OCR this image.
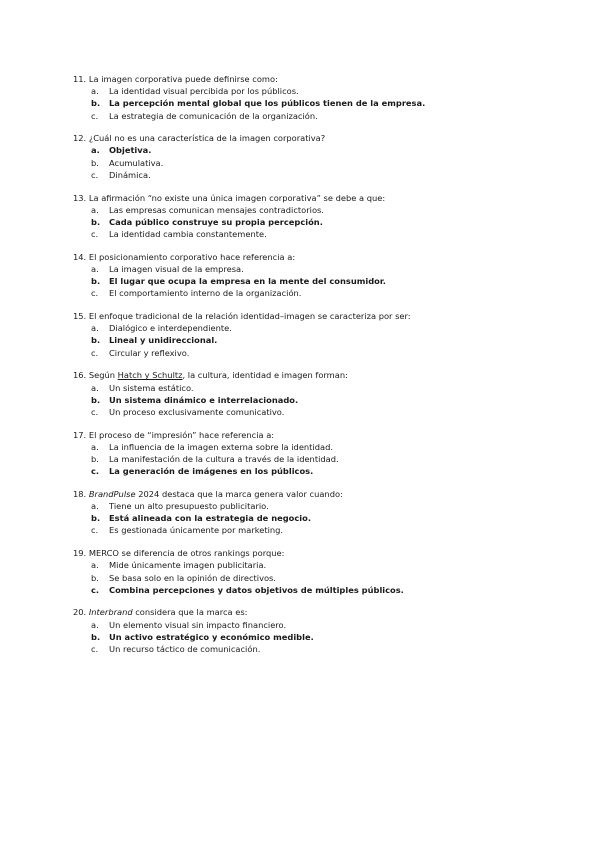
11. La imagen corporativa puede definirse como:
a. La identidad visual percibida por los públicos.
b. La percepción mental global que los públicos tienen de la empresa.
c. La estrategia de comunicación de la organización.
12. ¿Cuál no es una característica de la imagen corporativa?
a. Objetiva.
b. Acumulativa.
c. Dinámica.
13. La afirmación “no existe una única imagen corporativa” se debe a que:
a. Las empresas comunican mensajes contradictorios.
b. Cada público construye su propia percepción.
c. La identidad cambia constantemente.
14. El posicionamiento corporativo hace referencia a:
a. La imagen visual de la empresa.
b. El lugar que ocupa la empresa en la mente del consumidor.
c. El comportamiento interno de la organización.
15. El enfoque tradicional de la relación identidad–imagen se caracteriza por ser:
a. Dialógico e interdependiente.
b. Lineal y unidireccional.
c. Circular y reflexivo.
16. Según Hatch y Schultz, la cultura, identidad e imagen forman:
a. Un sistema estático.
b. Un sistema dinámico e interrelacionado.
c. Un proceso exclusivamente comunicativo.
17. El proceso de “impresión” hace referencia a:
a. La influencia de la imagen externa sobre la identidad.
b. La manifestación de la cultura a través de la identidad.
c. La generación de imágenes en los públicos.
18. BrandPulse 2024 destaca que la marca genera valor cuando:
a. Tiene un alto presupuesto publicitario.
b. Está alineada con la estrategia de negocio.
c. Es gestionada únicamente por marketing.
19. MERCO se diferencia de otros rankings porque:
a. Mide únicamente imagen publicitaria.
b. Se basa solo en la opinión de directivos.
c. Combina percepciones y datos objetivos de múltiples públicos.
20. Interbrand considera que la marca es:
a. Un elemento visual sin impacto financiero.
b. Un activo estratégico y económico medible.
c. Un recurso táctico de comunicación.
